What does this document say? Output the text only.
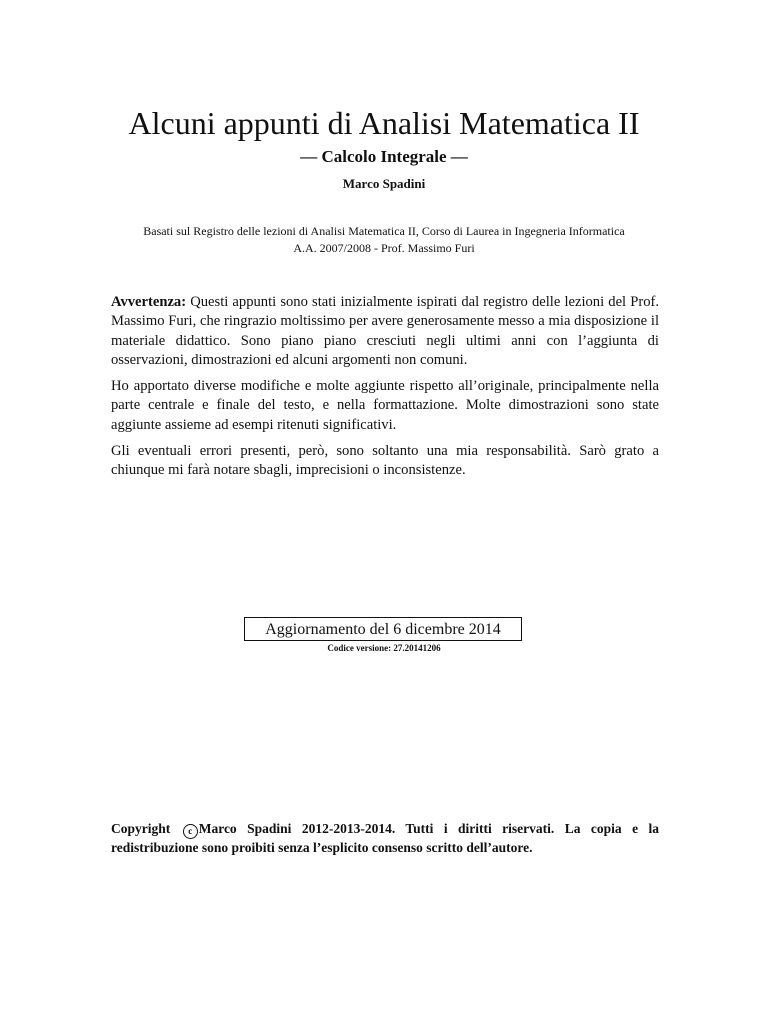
Alcuni appunti di Analisi Matematica II
— Calcolo Integrale —
Marco Spadini
Basati sul Registro delle lezioni di Analisi Matematica II, Corso di Laurea in Ingegneria Informatica
A.A. 2007/2008 - Prof. Massimo Furi

Avvertenza: Questi appunti sono stati inizialmente ispirati dal registro delle lezioni del Prof. Massimo Furi, che ringrazio moltissimo per avere generosamente messo a mia disposizione il materiale didattico. Sono piano piano cresciuti negli ultimi anni con l’aggiunta di osservazioni, dimostrazioni ed alcuni argomenti non comuni.

Ho apportato diverse modifiche e molte aggiunte rispetto all’originale, principalmente nella parte centrale e finale del testo, e nella formattazione. Molte dimostrazioni sono state aggiunte assieme ad esempi ritenuti significativi.

Gli eventuali errori presenti, però, sono soltanto una mia responsabilità. Sarò grato a chiunque mi farà notare sbagli, imprecisioni o inconsistenze.

Aggiornamento del 6 dicembre 2014
Codice versione: 27.20141206
Copyright c Marco Spadini 2012-2013-2014. Tutti i diritti riservati. La copia e la redistribuzione sono proibiti senza l’esplicito consenso scritto dell’autore.
